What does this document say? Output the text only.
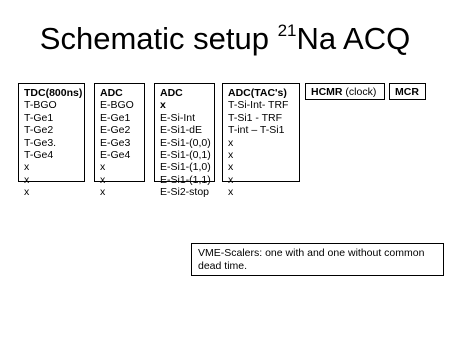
Schematic setup $^{21}$Na ACQ
TDC(800ns)
T-BGO
T-Ge1
T-Ge2
T-Ge3.
T-Ge4
x
x
x
ADC
E-BGO
E-Ge1
E-Ge2
E-Ge3
E-Ge4
x
x
x
ADC
x
E-Si-Int
E-Si1-dE
E-Si1-(0,0)
E-Si1-(0,1)
E-Si1-(1,0)
E-Si1-(1,1)
E-Si2-stop
ADC(TAC's)
T-Si-Int- TRF
T-Si1 - TRF
T-int – T-Si1
x
x
x
x
x
HCMR (clock)	MCR
VME-Scalers: one with and one without common dead time.
